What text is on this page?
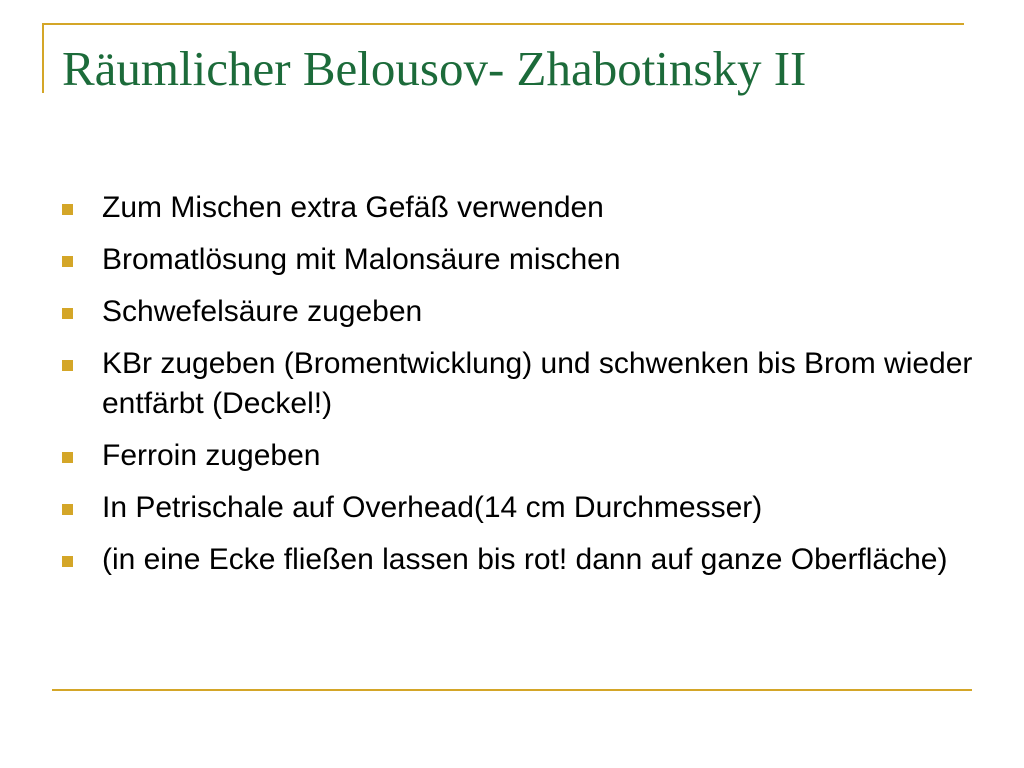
Räumlicher Belousov- Zhabotinsky II
Zum Mischen extra Gefäß verwenden
Bromatlösung mit Malonsäure mischen
Schwefelsäure zugeben
KBr zugeben (Bromentwicklung) und schwenken bis Brom wieder entfärbt (Deckel!)
Ferroin zugeben
In Petrischale auf Overhead(14 cm Durchmesser)
(in eine Ecke fließen lassen bis rot! dann auf ganze Oberfläche)
